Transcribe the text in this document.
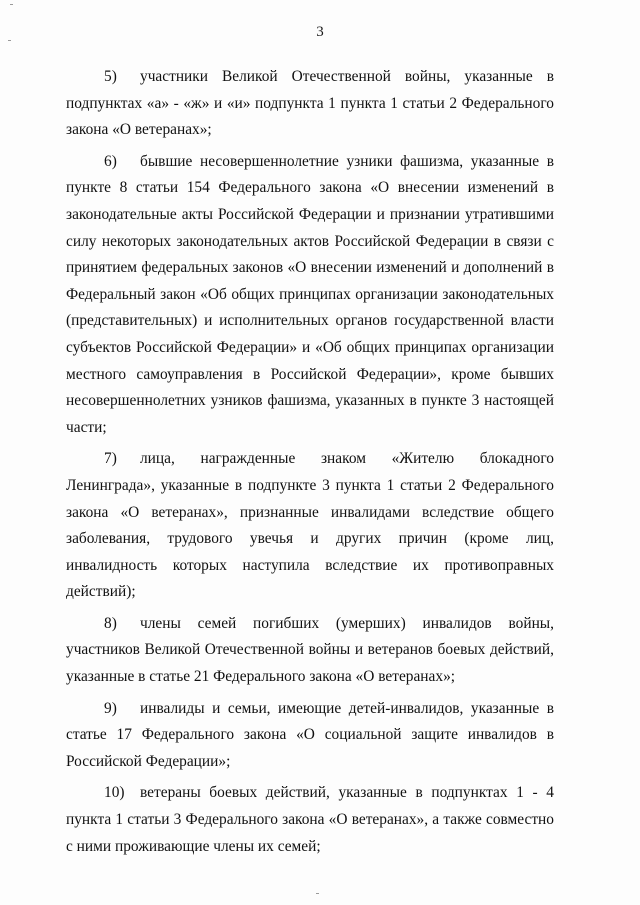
3

5) участники Великой Отечественной войны, указанные в подпунктах «а» - «ж» и «и» подпункта 1 пункта 1 статьи 2 Федерального закона «О ветеранах»;

6) бывшие несовершеннолетние узники фашизма, указанные в пункте 8 статьи 154 Федерального закона «О внесении изменений в законодательные акты Российской Федерации и признании утратившими силу некоторых законодательных актов Российской Федерации в связи с принятием федеральных законов «О внесении изменений и дополнений в Федеральный закон «Об общих принципах организации законодательных (представительных) и исполнительных органов государственной власти субъектов Российской Федерации» и «Об общих принципах организации местного самоуправления в Российской Федерации», кроме бывших несовершеннолетних узников фашизма, указанных в пункте 3 настоящей части;

7) лица, награжденные знаком «Жителю блокадного Ленинграда», указанные в подпункте 3 пункта 1 статьи 2 Федерального закона «О ветеранах», признанные инвалидами вследствие общего заболевания, трудового увечья и других причин (кроме лиц, инвалидность которых наступила вследствие их противоправных действий);

8) члены семей погибших (умерших) инвалидов войны, участников Великой Отечественной войны и ветеранов боевых действий, указанные в статье 21 Федерального закона «О ветеранах»;

9) инвалиды и семьи, имеющие детей-инвалидов, указанные в статье 17 Федерального закона «О социальной защите инвалидов в Российской Федерации»;

10) ветераны боевых действий, указанные в подпунктах 1 - 4 пункта 1 статьи 3 Федерального закона «О ветеранах», а также совместно с ними проживающие члены их семей;
